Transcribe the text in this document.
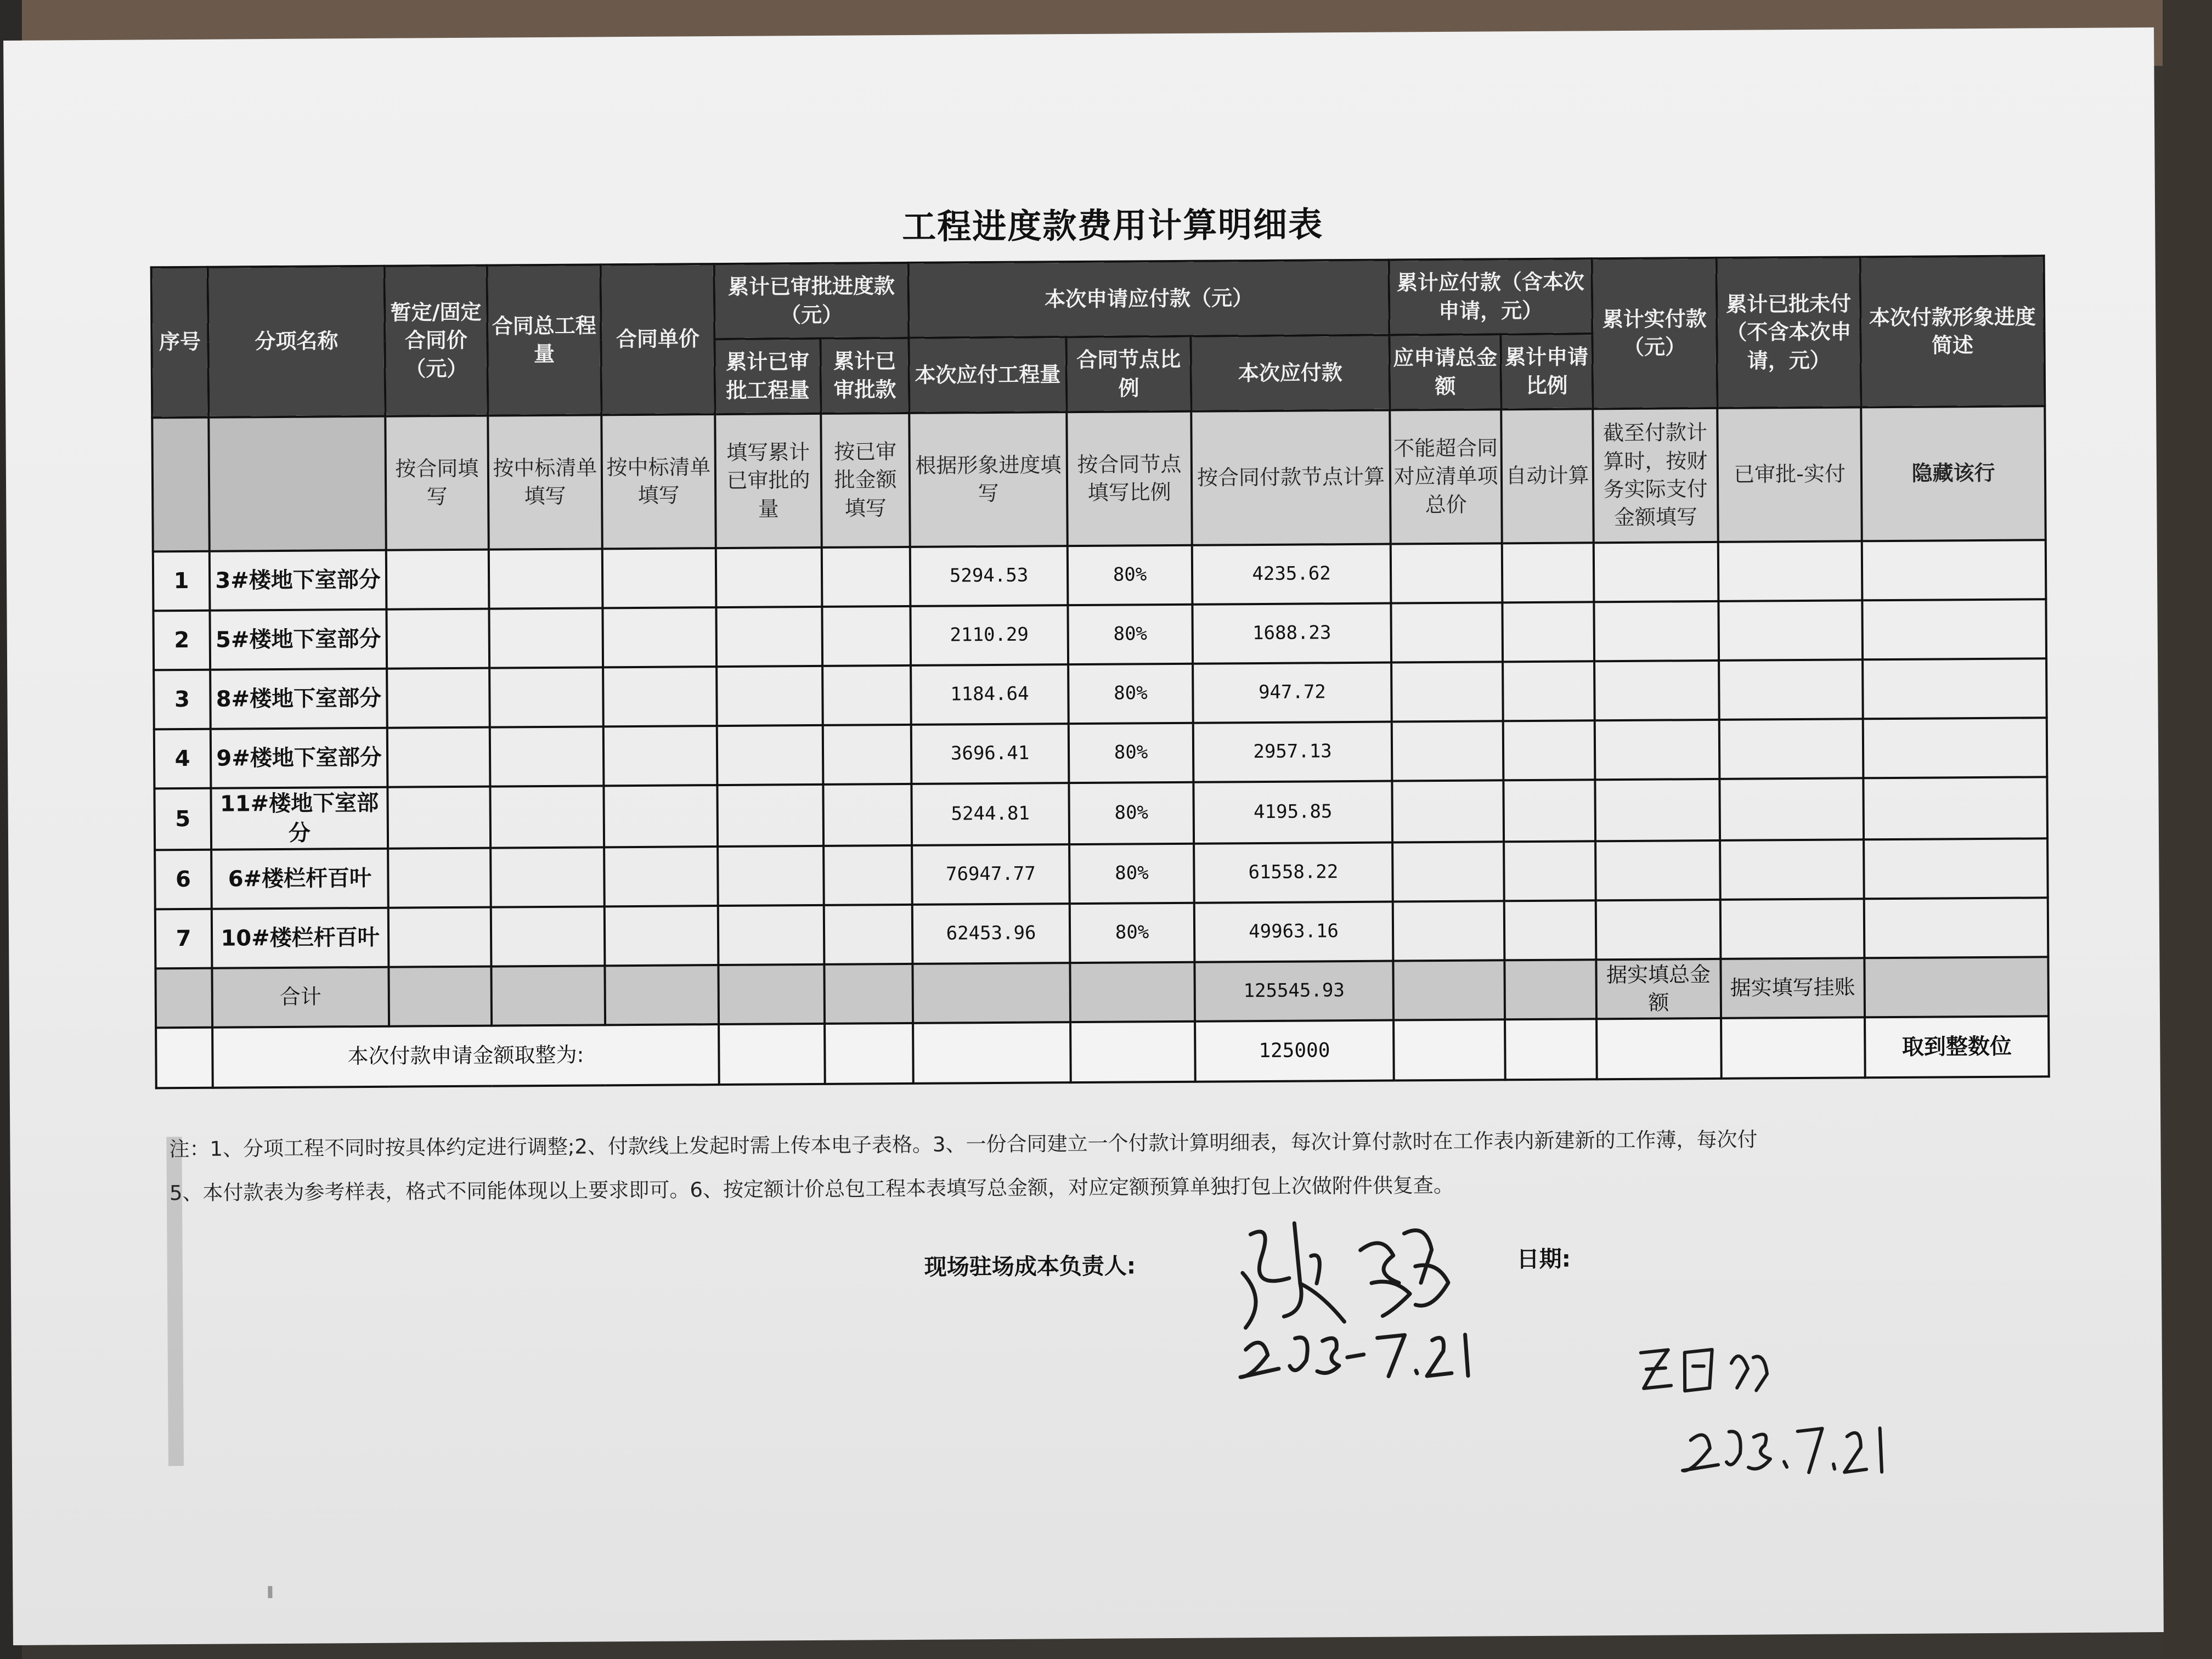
工程进度款费用计算明细表
序号	分项名称	暂定/固定合同价（元）	合同总工程量	合同单价	累计已审批进度款（元）		本次申请应付款（元）			累计应付款（含本次申请，元）		累计实付款（元）	累计已批未付（不含本次申请，元）	本次付款形象进度简述
					累计已审批工程量	累计已审批款	本次应付工程量	合同节点比例	本次应付款	应申请总金额	累计申请比例			
		按合同填写	按中标清单填写	按中标清单填写	填写累计已审批的量	按已审批金额填写	根据形象进度填写	按合同节点填写比例	按合同付款节点计算	不能超合同对应清单项总价	自动计算	截至付款计算时，按财务实际支付金额填写	已审批-实付	隐藏该行
1	3#楼地下室部分						5294.53	80%	4235.62					
2	5#楼地下室部分						2110.29	80%	1688.23					
3	8#楼地下室部分						1184.64	80%	947.72					
4	9#楼地下室部分						3696.41	80%	2957.13					
5	11#楼地下室部分						5244.81	80%	4195.85					
6	6#楼栏杆百叶						76947.77	80%	61558.22					
7	10#楼栏杆百叶						62453.96	80%	49963.16					
	合计								125545.93			据实填总金额	据实填写挂账	
	本次付款申请金额取整为:								125000					取到整数位
注：1、分项工程不同时按具体约定进行调整;2、付款线上发起时需上传本电子表格。3、一份合同建立一个付款计算明细表，每次计算付款时在工作表内新建新的工作薄，每次付
5、本付款表为参考样表，格式不同能体现以上要求即可。6、按定额计价总包工程本表填写总金额，对应定额预算单独打包上次做附件供复查。
现场驻场成本负责人:	日期:
